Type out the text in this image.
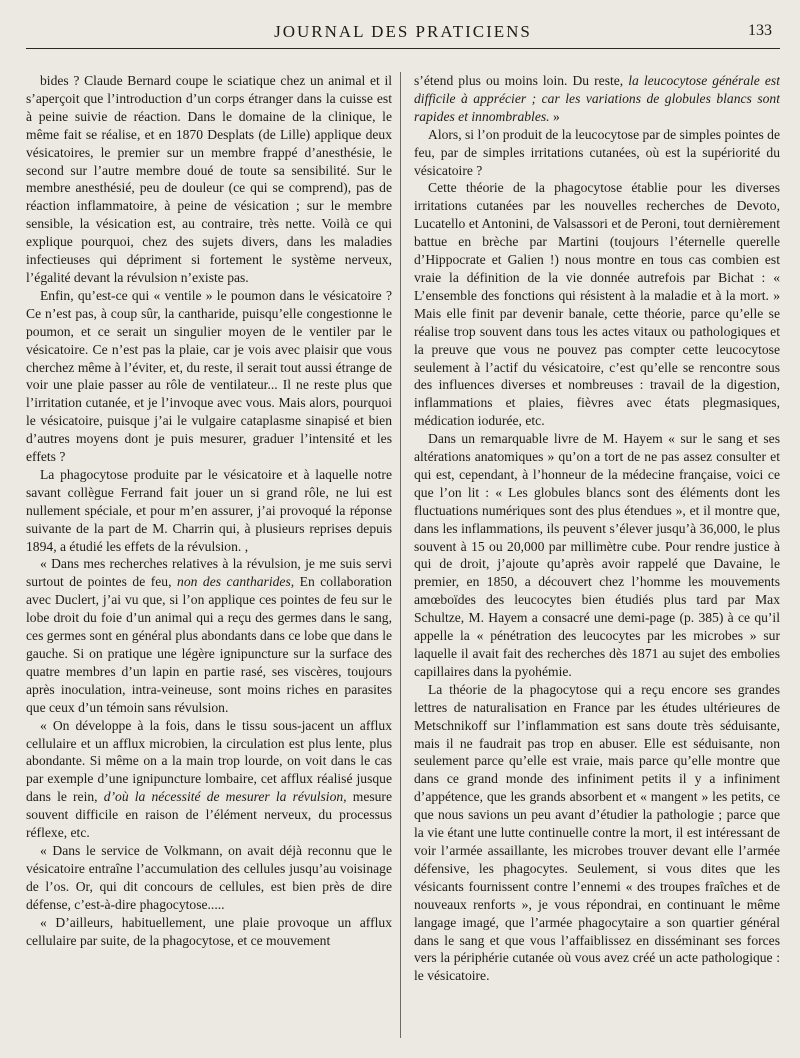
JOURNAL DES PRATICIENS	133

bides ? Claude Bernard coupe le sciatique chez un animal et il s’aperçoit que l’introduction d’un corps étranger dans la cuisse est à peine suivie de réaction. Dans le domaine de la clinique, le même fait se réalise, et en 1870 Desplats (de Lille) applique deux vésicatoires, le premier sur un membre frappé d’anesthésie, le second sur l’autre membre doué de toute sa sensibilité. Sur le membre anesthésié, peu de douleur (ce qui se comprend), pas de réaction inflammatoire, à peine de vésication ; sur le membre sensible, la vésication est, au contraire, très nette. Voilà ce qui explique pourquoi, chez des sujets divers, dans les maladies infectieuses qui dépriment si fortement le système nerveux, l’égalité devant la révulsion n’existe pas.

Enfin, qu’est-ce qui « ventile » le poumon dans le vésicatoire ? Ce n’est pas, à coup sûr, la cantharide, puisqu’elle congestionne le poumon, et ce serait un singulier moyen de le ventiler par le vésicatoire. Ce n’est pas la plaie, car je vois avec plaisir que vous cherchez même à l’éviter, et, du reste, il serait tout aussi étrange de voir une plaie passer au rôle de ventilateur... Il ne reste plus que l’irritation cutanée, et je l’invoque avec vous. Mais alors, pourquoi le vésicatoire, puisque j’ai le vulgaire cataplasme sinapisé et bien d’autres moyens dont je puis mesurer, graduer l’intensité et les effets ?

La phagocytose produite par le vésicatoire et à laquelle notre savant collègue Ferrand fait jouer un si grand rôle, ne lui est nullement spéciale, et pour m’en assurer, j’ai provoqué la réponse suivante de la part de M. Charrin qui, à plusieurs reprises depuis 1894, a étudié les effets de la révulsion. ,

« Dans mes recherches relatives à la révulsion, je me suis servi surtout de pointes de feu, non des cantharides, En collaboration avec Duclert, j’ai vu que, si l’on applique ces pointes de feu sur le lobe droit du foie d’un animal qui a reçu des germes dans le sang, ces germes sont en général plus abondants dans ce lobe que dans le gauche. Si on pratique une légère ignipuncture sur la surface des quatre membres d’un lapin en partie rasé, ses viscères, toujours après inoculation, intra-veineuse, sont moins riches en parasites que ceux d’un témoin sans révulsion.

« On développe à la fois, dans le tissu sous-jacent un afflux cellulaire et un afflux microbien, la circulation est plus lente, plus abondante. Si même on a la main trop lourde, on voit dans le cas par exemple d’une ignipuncture lombaire, cet afflux réalisé jusque dans le rein, d’où la nécessité de mesurer la révulsion, mesure souvent difficile en raison de l’élément nerveux, du processus réflexe, etc.

« Dans le service de Volkmann, on avait déjà reconnu que le vésicatoire entraîne l’accumulation des cellules jusqu’au voisinage de l’os. Or, qui dit concours de cellules, est bien près de dire défense, c’est-à-dire phagocytose.....

« D’ailleurs, habituellement, une plaie provoque un afflux cellulaire par suite, de la phagocytose, et ce mouvement

s’étend plus ou moins loin. Du reste, la leucocytose générale est difficile à apprécier ; car les variations de globules blancs sont rapides et innombrables. »

Alors, si l’on produit de la leucocytose par de simples pointes de feu, par de simples irritations cutanées, où est la supériorité du vésicatoire ?

Cette théorie de la phagocytose établie pour les diverses irritations cutanées par les nouvelles recherches de Devoto, Lucatello et Antonini, de Valsassori et de Peroni, tout dernièrement battue en brèche par Martini (toujours l’éternelle querelle d’Hippocrate et Galien !) nous montre en tous cas combien est vraie la définition de la vie donnée autrefois par Bichat : « L’ensemble des fonctions qui résistent à la maladie et à la mort. » Mais elle finit par devenir banale, cette théorie, parce qu’elle se réalise trop souvent dans tous les actes vitaux ou pathologiques et la preuve que vous ne pouvez pas compter cette leucocytose seulement à l’actif du vésicatoire, c’est qu’elle se rencontre sous des influences diverses et nombreuses : travail de la digestion, inflammations et plaies, fièvres avec états plegmasiques, médication iodurée, etc.

Dans un remarquable livre de M. Hayem « sur le sang et ses altérations anatomiques » qu’on a tort de ne pas assez consulter et qui est, cependant, à l’honneur de la médecine française, voici ce que l’on lit : « Les globules blancs sont des éléments dont les fluctuations numériques sont des plus étendues », et il montre que, dans les inflammations, ils peuvent s’élever jusqu’à 36,000, le plus souvent à 15 ou 20,000 par millimètre cube. Pour rendre justice à qui de droit, j’ajoute qu’après avoir rappelé que Davaine, le premier, en 1850, a découvert chez l’homme les mouvements amœboïdes des leucocytes bien étudiés plus tard par Max Schultze, M. Hayem a consacré une demi-page (p. 385) à ce qu’il appelle la « pénétration des leucocytes par les microbes » sur laquelle il avait fait des recherches dès 1871 au sujet des embolies capillaires dans la pyohémie.

La théorie de la phagocytose qui a reçu encore ses grandes lettres de naturalisation en France par les études ultérieures de Metschnikoff sur l’inflammation est sans doute très séduisante, mais il ne faudrait pas trop en abuser. Elle est séduisante, non seulement parce qu’elle est vraie, mais parce qu’elle montre que dans ce grand monde des infiniment petits il y a infiniment d’appétence, que les grands absorbent et « mangent » les petits, ce que nous savions un peu avant d’étudier la pathologie ; parce que la vie étant une lutte continuelle contre la mort, il est intéressant de voir l’armée assaillante, les microbes trouver devant elle l’armée défensive, les phagocytes. Seulement, si vous dites que les vésicants fournissent contre l’ennemi « des troupes fraîches et de nouveaux renforts », je vous répondrai, en continuant le même langage imagé, que l’armée phagocytaire a son quartier général dans le sang et que vous l’affaiblissez en disséminant ses forces vers la périphérie cutanée où vous avez créé un acte pathologique : le vésicatoire.
